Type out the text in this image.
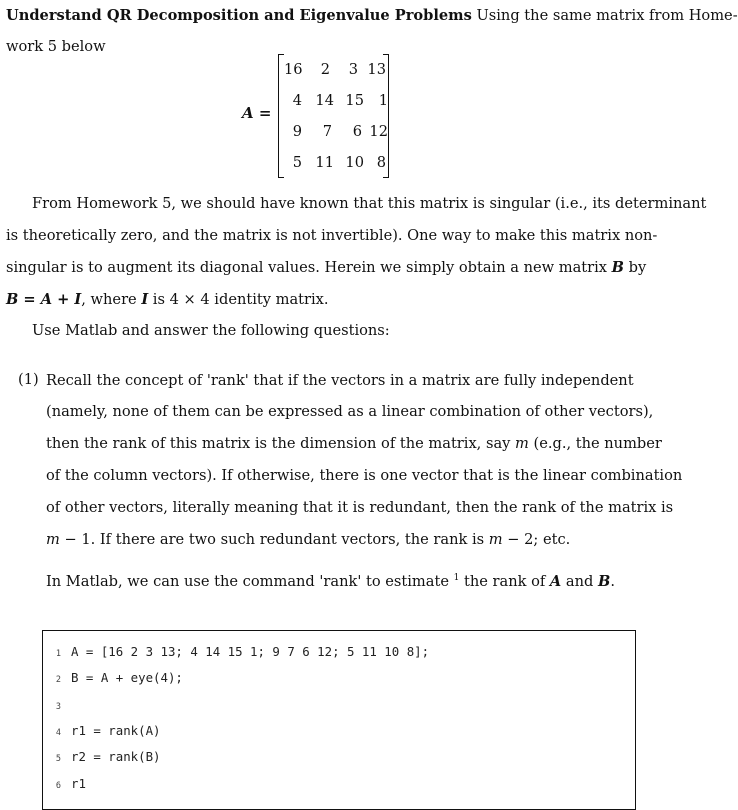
Understand QR Decomposition and Eigenvalue Problems Using the same matrix from Home-
work 5 below
A =
16	2	3 13
4 14 15	1
9	7	6 12
5 11 10 8
From Homework 5, we should have known that this matrix is singular (i.e., its determinant
is theoretically zero, and the matrix is not invertible). One way to make this matrix non-
singular is to augment its diagonal values. Herein we simply obtain a new matrix B by
B = A + I, where I is 4 × 4 identity matrix.
Use Matlab and answer the following questions:
(1) Recall the concept of 'rank' that if the vectors in a matrix are fully independent
(namely, none of them can be expressed as a linear combination of other vectors),
then the rank of this matrix is the dimension of the matrix, say m (e.g., the number
of the column vectors). If otherwise, there is one vector that is the linear combination
of other vectors, literally meaning that it is redundant, then the rank of the matrix is
m − 1. If there are two such redundant vectors, the rank is m − 2; etc.
In Matlab, we can use the command 'rank' to estimate $^1$ the rank of A and B.
1 A = [16 2 3 13; 4 14 15 1; 9 7 6 12; 5 11 10 8];
2 B = A + eye(4);
3
4 r1 = rank(A)
5 r2 = rank(B)
6 r1
